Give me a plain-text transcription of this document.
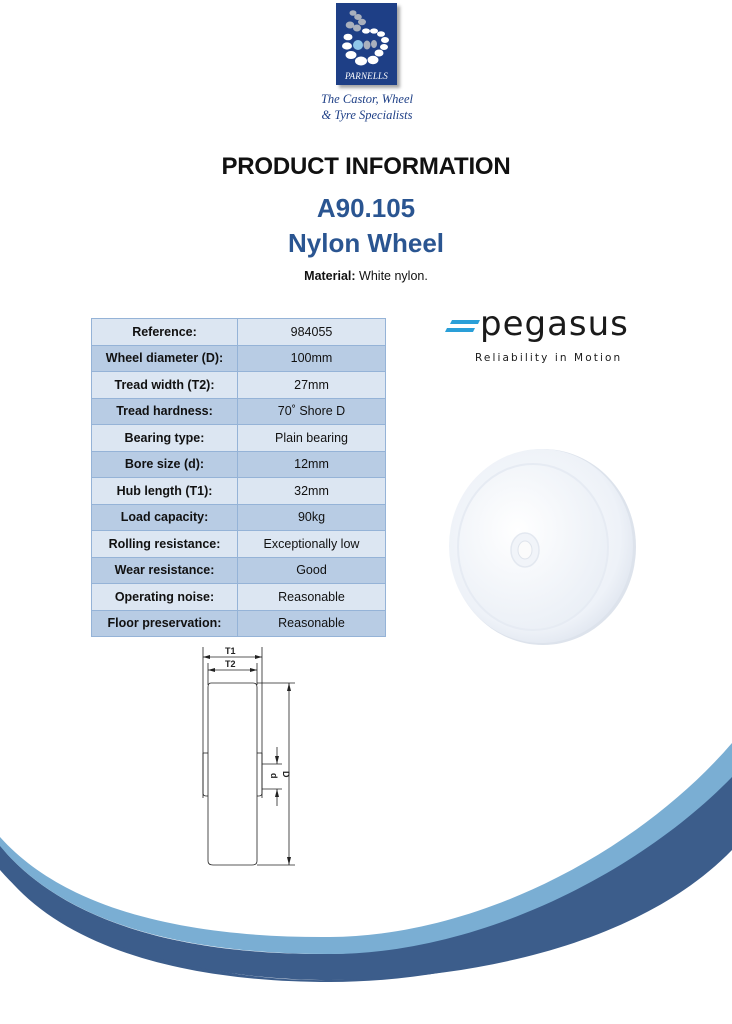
PARNELLS
The Castor, Wheel
& Tyre Specialists
PRODUCT INFORMATION
A90.105
Nylon Wheel
Material: White nylon.
Reference:	984055
Wheel diameter (D):	100mm
Tread width (T2):	27mm
Tread hardness:	70˚ Shore D
Bearing type:	Plain bearing
Bore size (d):	12mm
Hub length (T1):	32mm
Load capacity:	90kg
Rolling resistance:	Exceptionally low
Wear resistance:	Good
Operating noise:	Reasonable
Floor preservation:	Reasonable
pegasus
Reliability in Motion
T1
T2
d D
